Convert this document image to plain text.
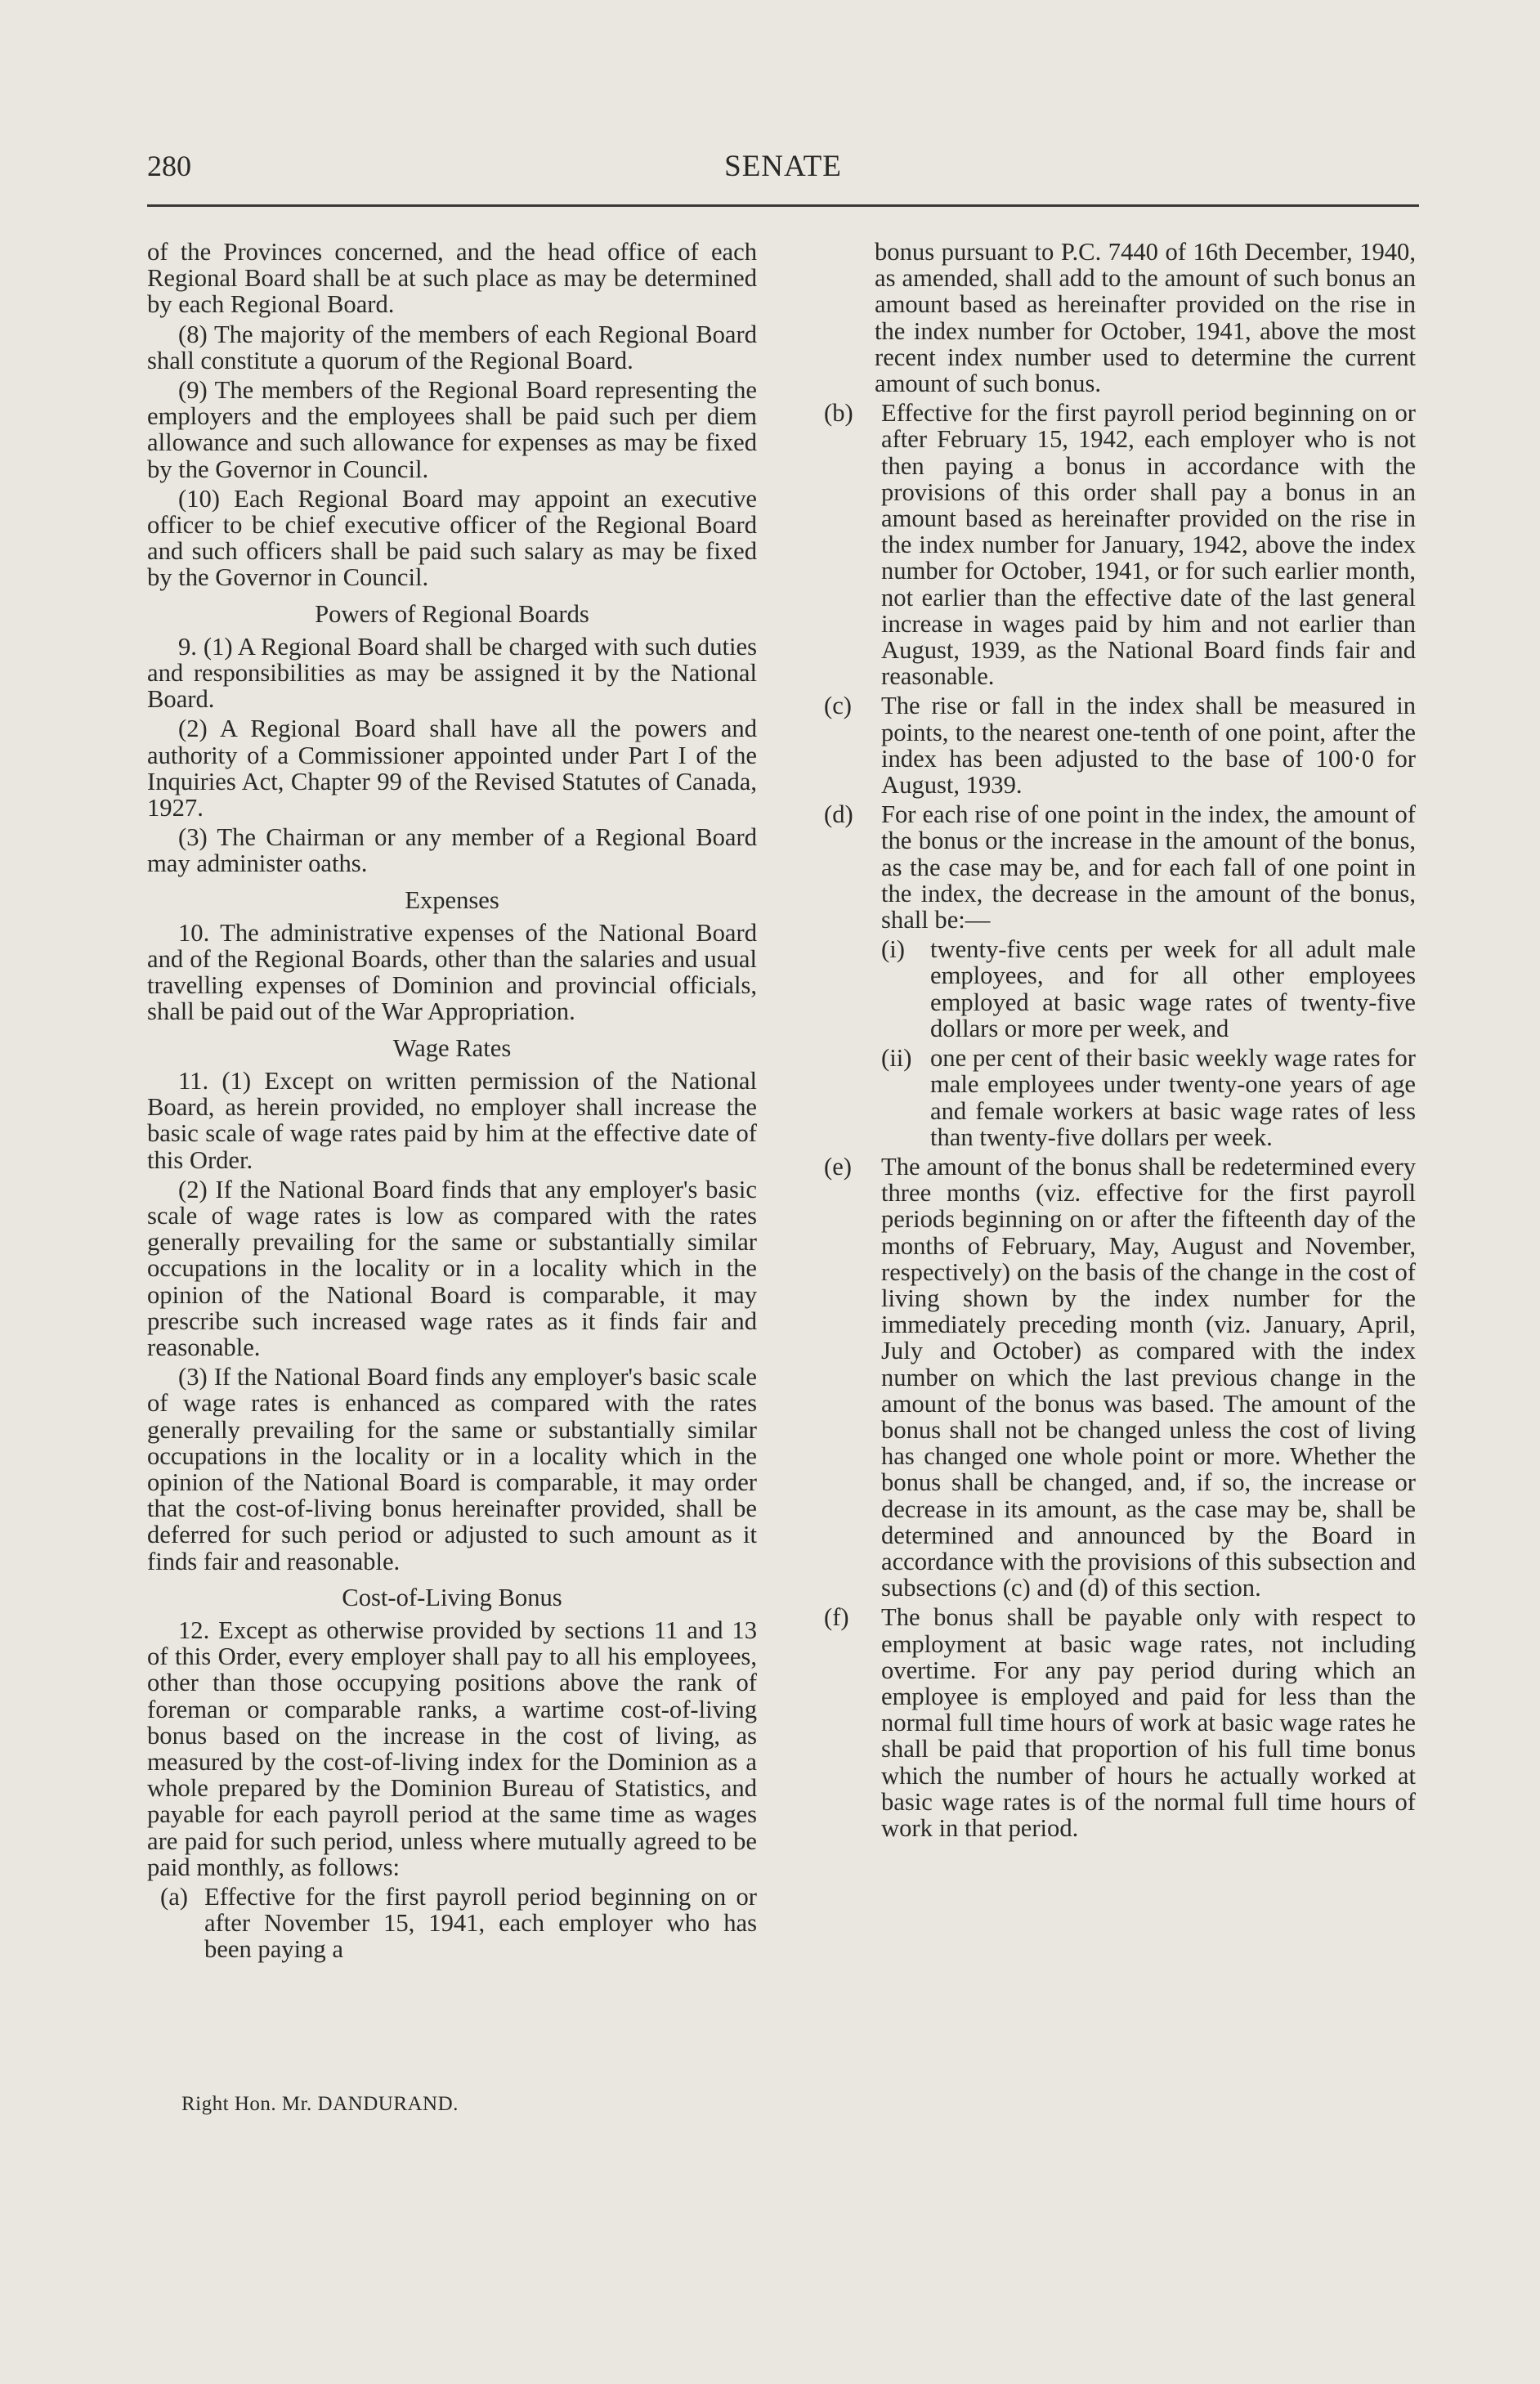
280	SENATE

of the Provinces concerned, and the head office of each Regional Board shall be at such place as may be determined by each Regional Board.

(8) The majority of the members of each Regional Board shall constitute a quorum of the Regional Board.

(9) The members of the Regional Board representing the employers and the employees shall be paid such per diem allowance and such allowance for expenses as may be fixed by the Governor in Council.

(10) Each Regional Board may appoint an executive officer to be chief executive officer of the Regional Board and such officers shall be paid such salary as may be fixed by the Governor in Council.

Powers of Regional Boards

9. (1) A Regional Board shall be charged with such duties and responsibilities as may be assigned it by the National Board.

(2) A Regional Board shall have all the powers and authority of a Commissioner appointed under Part I of the Inquiries Act, Chapter 99 of the Revised Statutes of Canada, 1927.

(3) The Chairman or any member of a Regional Board may administer oaths.

Expenses

10. The administrative expenses of the National Board and of the Regional Boards, other than the salaries and usual travelling expenses of Dominion and provincial officials, shall be paid out of the War Appropriation.

Wage Rates

11. (1) Except on written permission of the National Board, as herein provided, no employer shall increase the basic scale of wage rates paid by him at the effective date of this Order.

(2) If the National Board finds that any employer's basic scale of wage rates is low as compared with the rates generally prevailing for the same or substantially similar occupations in the locality or in a locality which in the opinion of the National Board is comparable, it may prescribe such increased wage rates as it finds fair and reasonable.

(3) If the National Board finds any employer's basic scale of wage rates is enhanced as compared with the rates generally prevailing for the same or substantially similar occupations in the locality or in a locality which in the opinion of the National Board is comparable, it may order that the cost-of-living bonus hereinafter provided, shall be deferred for such period or adjusted to such amount as it finds fair and reasonable.

Cost-of-Living Bonus

12. Except as otherwise provided by sections 11 and 13 of this Order, every employer shall pay to all his employees, other than those occupying positions above the rank of foreman or comparable ranks, a wartime cost-of-living bonus based on the increase in the cost of living, as measured by the cost-of-living index for the Dominion as a whole prepared by the Dominion Bureau of Statistics, and payable for each payroll period at the same time as wages are paid for such period, unless where mutually agreed to be paid monthly, as follows:

(a) Effective for the first payroll period beginning on or after November 15, 1941, each employer who has been paying a

bonus pursuant to P.C. 7440 of 16th December, 1940, as amended, shall add to the amount of such bonus an amount based as hereinafter provided on the rise in the index number for October, 1941, above the most recent index number used to determine the current amount of such bonus.

(b)	Effective for the first payroll period beginning on or after February 15, 1942, each employer who is not then paying a bonus in accordance with the provisions of this order shall pay a bonus in an amount based as hereinafter provided on the rise in the index number for January, 1942, above the index number for October, 1941, or for such earlier month, not earlier than the effective date of the last general increase in wages paid by him and not earlier than August, 1939, as the National Board finds fair and reasonable.
(c)	The rise or fall in the index shall be measured in points, to the nearest one-tenth of one point, after the index has been adjusted to the base of 100·0 for August, 1939.
(d)	For each rise of one point in the index, the amount of the bonus or the increase in the amount of the bonus, as the case may be, and for each fall of one point in the index, the decrease in the amount of the bonus, shall be:—
(i)	twenty-five cents per week for all adult male employees, and for all other employees employed at basic wage rates of twenty-five dollars or more per week, and
(ii) one per cent of their basic weekly wage rates for male employees under twenty-one years of age and female workers at basic wage rates of less than twenty-five dollars per week.
(e)	The amount of the bonus shall be redetermined every three months (viz. effective for the first payroll periods beginning on or after the fifteenth day of the months of February, May, August and November, respectively) on the basis of the change in the cost of living shown by the index number for the immediately preceding month (viz. January, April, July and October) as compared with the index number on which the last previous change in the amount of the bonus was based. The amount of the bonus shall not be changed unless the cost of living has changed one whole point or more. Whether the bonus shall be changed, and, if so, the increase or decrease in its amount, as the case may be, shall be determined and announced by the Board in accordance with the provisions of this subsection and subsections (c) and (d) of this section.
(f)	The bonus shall be payable only with respect to employment at basic wage rates, not including overtime. For any pay period during which an employee is employed and paid for less than the normal full time hours of work at basic wage rates he shall be paid that proportion of his full time bonus which the number of hours he actually worked at basic wage rates is of the normal full time hours of work in that period.
Right Hon. Mr. DANDURAND.
